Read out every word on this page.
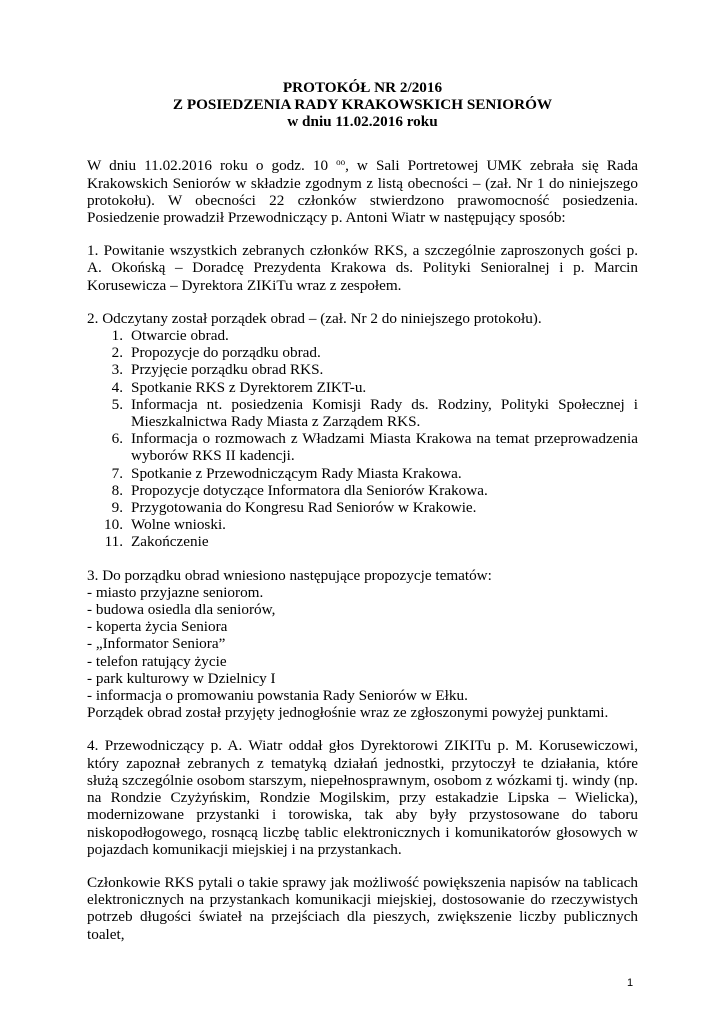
PROTOKÓŁ NR 2/2016
Z POSIEDZENIA RADY KRAKOWSKICH SENIORÓW
w dniu 11.02.2016 roku

W dniu 11.02.2016 roku o godz. 10 $^{oo}$, w Sali Portretowej UMK zebrała się Rada Krakowskich Seniorów w składzie zgodnym z listą obecności – (zał. Nr 1 do niniejszego protokołu). W obecności 22 członków stwierdzono prawomocność posiedzenia. Posiedzenie prowadził Przewodniczący p. Antoni Wiatr w następujący sposób:

1. Powitanie wszystkich zebranych członków RKS, a szczególnie zaproszonych gości p. A. Okońską – Doradcę Prezydenta Krakowa ds. Polityki Senioralnej i p. Marcin Korusewicza – Dyrektora ZIKiTu wraz z zespołem.

2. Odczytany został porządek obrad – (zał. Nr 2 do niniejszego protokołu).

1. Otwarcie obrad.
2. Propozycje do porządku obrad.
3. Przyjęcie porządku obrad RKS.
4. Spotkanie RKS z Dyrektorem ZIKT-u.
5. Informacja nt. posiedzenia Komisji Rady ds. Rodziny, Polityki Społecznej i Mieszkalnictwa Rady Miasta z Zarządem RKS.
6. Informacja o rozmowach z Władzami Miasta Krakowa na temat przeprowadzenia wyborów RKS II kadencji.
7. Spotkanie z Przewodniczącym Rady Miasta Krakowa.
8. Propozycje dotyczące Informatora dla Seniorów Krakowa.
9. Przygotowania do Kongresu Rad Seniorów w Krakowie.
10. Wolne wnioski.
11. Zakończenie

3. Do porządku obrad wniesiono następujące propozycje tematów:

- miasto przyjazne seniorom.
- budowa osiedla dla seniorów,
- koperta życia Seniora
- „Informator Seniora”
- telefon ratujący życie
- park kulturowy w Dzielnicy I
- informacja o promowaniu powstania Rady Seniorów w Ełku.

Porządek obrad został przyjęty jednogłośnie wraz ze zgłoszonymi powyżej punktami.

4. Przewodniczący p. A. Wiatr oddał głos Dyrektorowi ZIKITu p. M. Korusewiczowi, który zapoznał zebranych z tematyką działań jednostki, przytoczył te działania, które służą szczególnie osobom starszym, niepełnosprawnym, osobom z wózkami tj. windy (np. na Rondzie Czyżyńskim, Rondzie Mogilskim, przy estakadzie Lipska – Wielicka), modernizowane przystanki i torowiska, tak aby były przystosowane do taboru niskopodłogowego, rosnącą liczbę tablic elektronicznych i komunikatorów głosowych w pojazdach komunikacji miejskiej i na przystankach.

Członkowie RKS pytali o takie sprawy jak możliwość powiększenia napisów na tablicach elektronicznych na przystankach komunikacji miejskiej, dostosowanie do rzeczywistych potrzeb długości świateł na przejściach dla pieszych, zwiększenie liczby publicznych toalet,

1
